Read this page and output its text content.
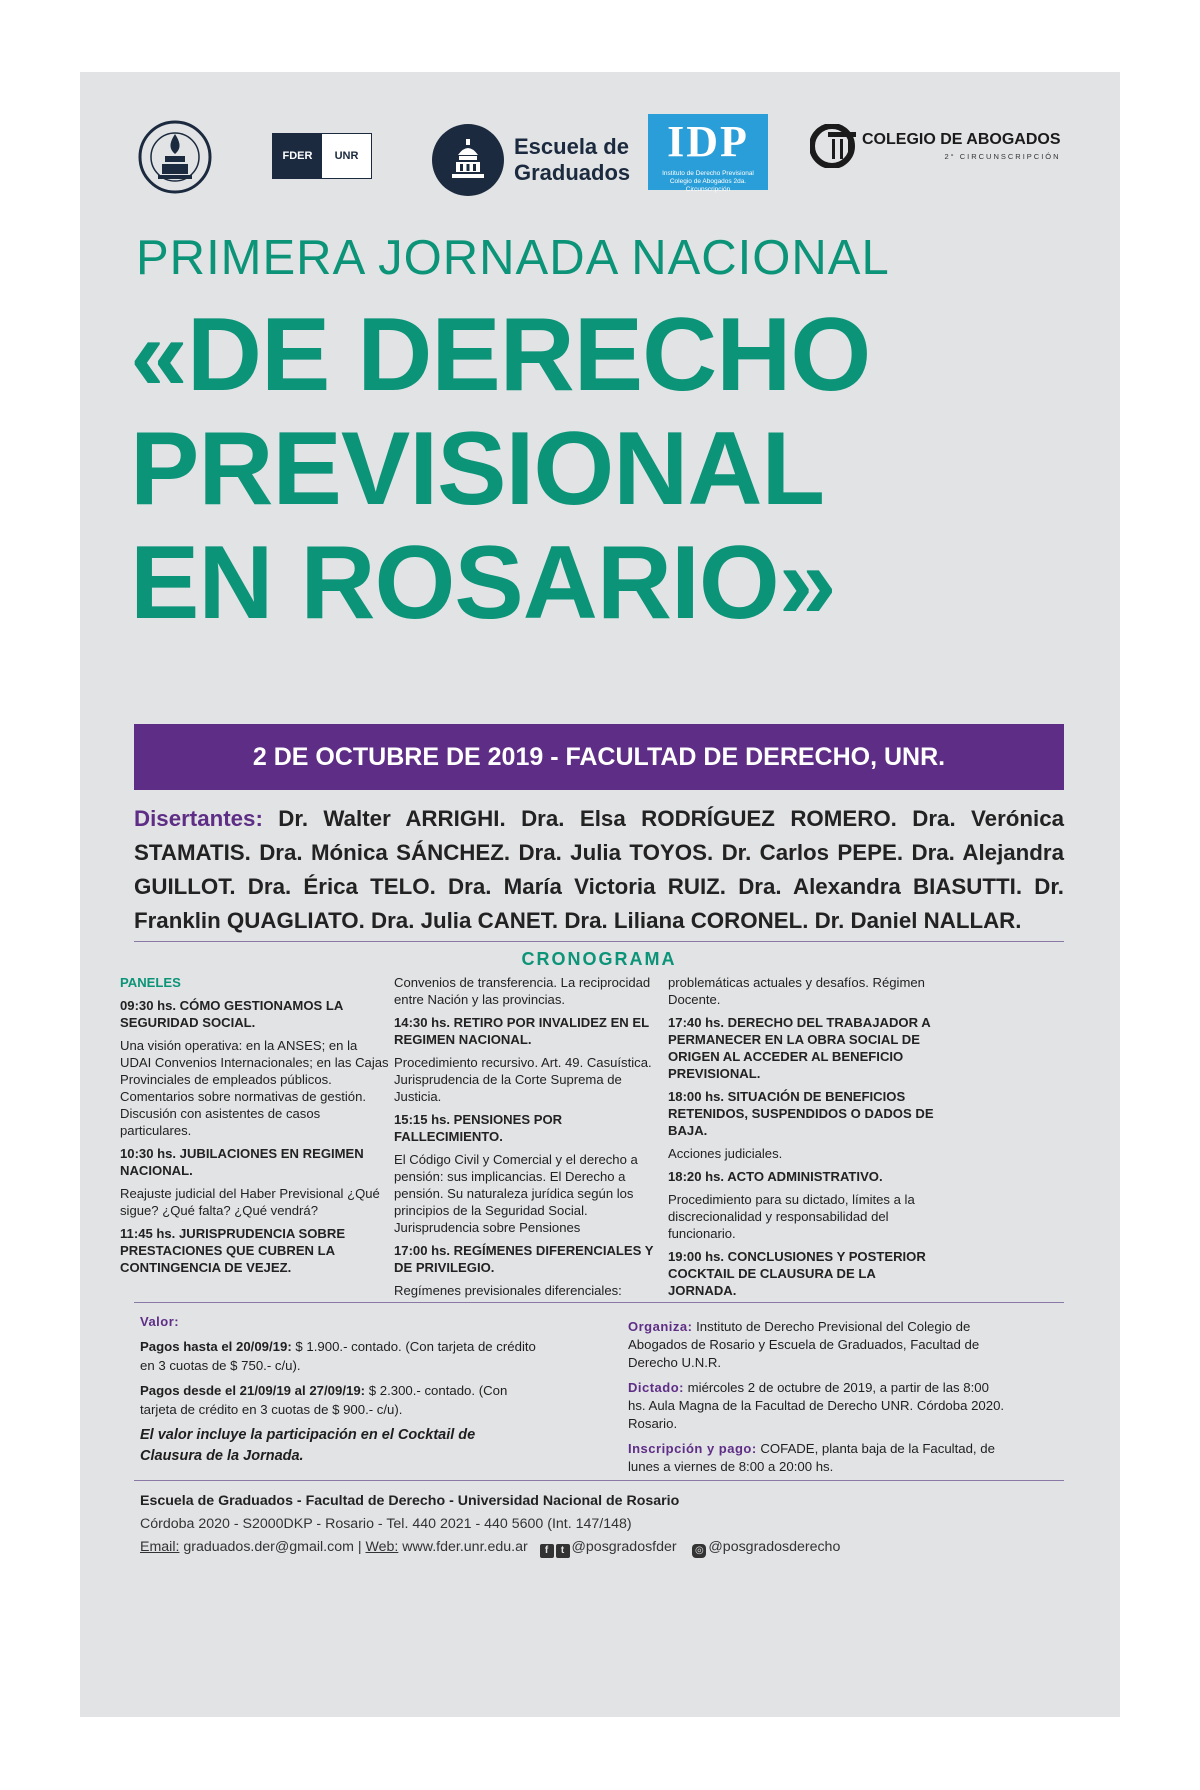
FDER	UNR	Escuela de
Graduados
IDP
Instituto de Derecho Previsional
Colegio de Abogados 2da. Circunscripción
COLEGIO DE ABOGADOS
2° CIRCUNSCRIPCIÓN
PRIMERA JORNADA NACIONAL
«DE DERECHO
PREVISIONAL
EN ROSARIO»
2 DE OCTUBRE DE 2019 - FACULTAD DE DERECHO, UNR.
Disertantes: Dr. Walter ARRIGHI. Dra. Elsa RODRÍGUEZ ROMERO. Dra. Verónica STAMATIS. Dra. Mónica SÁNCHEZ. Dra. Julia TOYOS. Dr. Carlos PEPE. Dra. Alejandra GUILLOT. Dra. Érica TELO. Dra. María Victoria RUIZ. Dra. Alexandra BIASUTTI. Dr. Franklin QUAGLIATO. Dra. Julia CANET. Dra. Liliana CORONEL. Dr. Daniel NALLAR.
CRONOGRAMA

PANELES

09:30 hs. CÓMO GESTIONAMOS LA SEGURIDAD SOCIAL.

Una visión operativa: en la ANSES; en la UDAI Convenios Internacionales; en las Cajas Provinciales de empleados públicos. Comentarios sobre normativas de gestión. Discusión con asistentes de casos particulares.

10:30 hs. JUBILACIONES EN REGIMEN NACIONAL.

Reajuste judicial del Haber Previsional ¿Qué sigue? ¿Qué falta? ¿Qué vendrá?

11:45 hs. JURISPRUDENCIA SOBRE PRESTACIONES QUE CUBREN LA CONTINGENCIA DE VEJEZ.

Convenios de transferencia. La reciprocidad entre Nación y las provincias.

14:30 hs. RETIRO POR INVALIDEZ EN EL REGIMEN NACIONAL.

Procedimiento recursivo. Art. 49. Casuística. Jurisprudencia de la Corte Suprema de Justicia.

15:15 hs. PENSIONES POR FALLECIMIENTO.

El Código Civil y Comercial y el derecho a pensión: sus implicancias. El Derecho a pensión. Su naturaleza jurídica según los principios de la Seguridad Social. Jurisprudencia sobre Pensiones

17:00 hs. REGÍMENES DIFERENCIALES Y DE PRIVILEGIO.

Regímenes previsionales diferenciales:

problemáticas actuales y desafíos. Régimen Docente.

17:40 hs. DERECHO DEL TRABAJADOR A PERMANECER EN LA OBRA SOCIAL DE ORIGEN AL ACCEDER AL BENEFICIO PREVISIONAL.

18:00 hs. SITUACIÓN DE BENEFICIOS RETENIDOS, SUSPENDIDOS O DADOS DE BAJA.

Acciones judiciales.

18:20 hs. ACTO ADMINISTRATIVO.

Procedimiento para su dictado, límites a la discrecionalidad y responsabilidad del funcionario.

19:00 hs. CONCLUSIONES Y POSTERIOR COCKTAIL DE CLAUSURA DE LA JORNADA.

Valor:

Pagos hasta el 20/09/19: $ 1.900.- contado. (Con tarjeta de crédito en 3 cuotas de $ 750.- c/u).

Pagos desde el 21/09/19 al 27/09/19: $ 2.300.- contado. (Con tarjeta de crédito en 3 cuotas de $ 900.- c/u).

El valor incluye la participación en el Cocktail de Clausura de la Jornada.

Organiza: Instituto de Derecho Previsional del Colegio de Abogados de Rosario y Escuela de Graduados, Facultad de Derecho U.N.R.

Dictado: miércoles 2 de octubre de 2019, a partir de las 8:00 hs. Aula Magna de la Facultad de Derecho UNR. Córdoba 2020. Rosario.

Inscripción y pago: COFADE, planta baja de la Facultad, de lunes a viernes de 8:00 a 20:00 hs.

Escuela de Graduados - Facultad de Derecho - Universidad Nacional de Rosario
Córdoba 2020 - S2000DKP - Rosario - Tel. 440 2021 - 440 5600 (Int. 147/148)
Email: graduados.der@gmail.com | Web: www.fder.unr.edu.ar f t @posgradosfder ◎ @posgradosderecho
